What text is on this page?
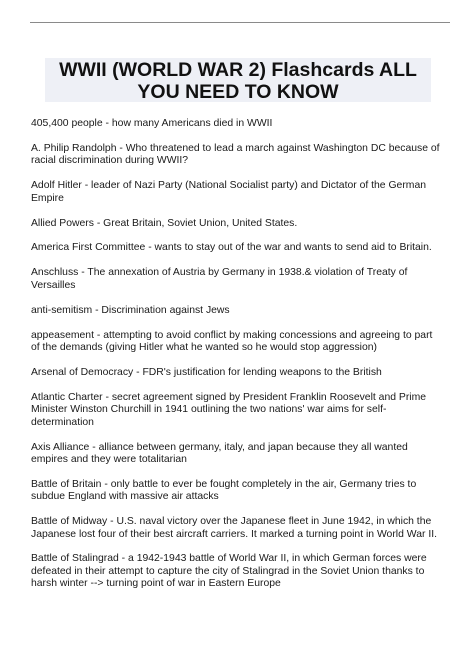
WWII (WORLD WAR 2) Flashcards ALL
YOU NEED TO KNOW
405,400 people - how many Americans died in WWII
A. Philip Randolph - Who threatened to lead a march against Washington DC because of racial discrimination during WWII?
Adolf Hitler - leader of Nazi Party (National Socialist party) and Dictator of the German Empire
Allied Powers - Great Britain, Soviet Union, United States.
America First Committee - wants to stay out of the war and wants to send aid to Britain.
Anschluss - The annexation of Austria by Germany in 1938.& violation of Treaty of Versailles
anti-semitism - Discrimination against Jews
appeasement - attempting to avoid conflict by making concessions and agreeing to part of the demands (giving Hitler what he wanted so he would stop aggression)
Arsenal of Democracy - FDR's justification for lending weapons to the British
Atlantic Charter - secret agreement signed by President Franklin Roosevelt and Prime Minister Winston Churchill in 1941 outlining the two nations' war aims for self-determination
Axis Alliance - alliance between germany, italy, and japan because they all wanted empires and they were totalitarian
Battle of Britain - only battle to ever be fought completely in the air, Germany tries to subdue England with massive air attacks
Battle of Midway - U.S. naval victory over the Japanese fleet in June 1942, in which the Japanese lost four of their best aircraft carriers. It marked a turning point in World War II.
Battle of Stalingrad - a 1942-1943 battle of World War II, in which German forces were defeated in their attempt to capture the city of Stalingrad in the Soviet Union thanks to harsh winter --> turning point of war in Eastern Europe
